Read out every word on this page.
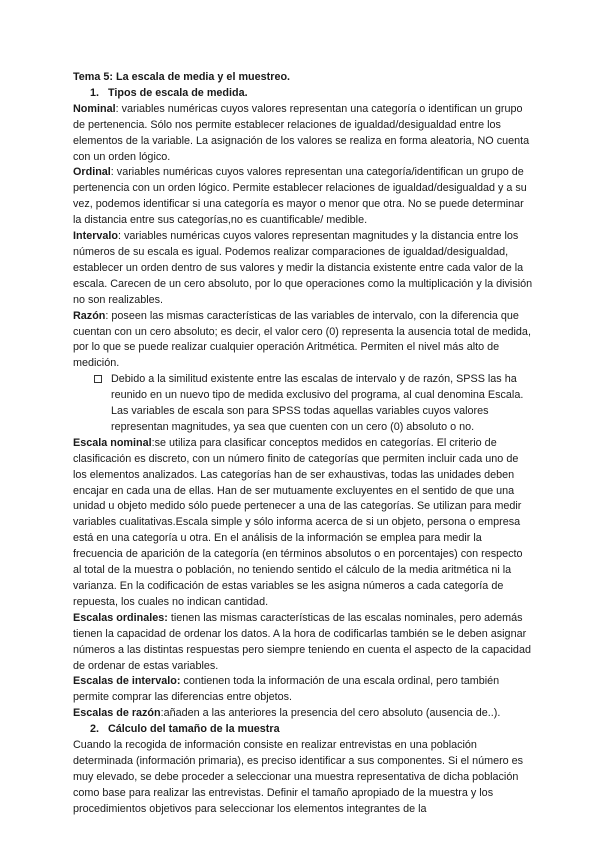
Tema 5: La escala de media y el muestreo.

1. Tipos de escala de medida.

Nominal: variables numéricas cuyos valores representan una categoría o identifican un grupo de pertenencia. Sólo nos permite establecer relaciones de igualdad/desigualdad entre los elementos de la variable. La asignación de los valores se realiza en forma aleatoria, NO cuenta con un orden lógico.

Ordinal: variables numéricas cuyos valores representan una categoría/identifican un grupo de pertenencia con un orden lógico. Permite establecer relaciones de igualdad/desigualdad y a su vez, podemos identificar si una categoría es mayor o menor que otra. No se puede determinar la distancia entre sus categorías,no es cuantificable/ medible.

Intervalo: variables numéricas cuyos valores representan magnitudes y la distancia entre los números de su escala es igual. Podemos realizar comparaciones de igualdad/desigualdad, establecer un orden dentro de sus valores y medir la distancia existente entre cada valor de la escala. Carecen de un cero absoluto, por lo que operaciones como la multiplicación y la división no son realizables.

Razón: poseen las mismas características de las variables de intervalo, con la diferencia que cuentan con un cero absoluto; es decir, el valor cero (0) representa la ausencia total de medida, por lo que se puede realizar cualquier operación Aritmética. Permiten el nivel más alto de medición.

Debido a la similitud existente entre las escalas de intervalo y de razón, SPSS las ha reunido en un nuevo tipo de medida exclusivo del programa, al cual denomina Escala. Las variables de escala son para SPSS todas aquellas variables cuyos valores representan magnitudes, ya sea que cuenten con un cero (0) absoluto o no.

Escala nominal:se utiliza para clasificar conceptos medidos en categorías. El criterio de clasificación es discreto, con un número finito de categorías que permiten incluir cada uno de los elementos analizados. Las categorías han de ser exhaustivas, todas las unidades deben encajar en cada una de ellas. Han de ser mutuamente excluyentes en el sentido de que una unidad u objeto medido sólo puede pertenecer a una de las categorías. Se utilizan para medir variables cualitativas.Escala simple y sólo informa acerca de si un objeto, persona o empresa está en una categoría u otra. En el análisis de la información se emplea para medir la frecuencia de aparición de la categoría (en términos absolutos o en porcentajes) con respecto al total de la muestra o población, no teniendo sentido el cálculo de la media aritmética ni la varianza. En la codificación de estas variables se les asigna números a cada categoría de repuesta, los cuales no indican cantidad.

Escalas ordinales: tienen las mismas características de las escalas nominales, pero además tienen la capacidad de ordenar los datos. A la hora de codificarlas también se le deben asignar números a las distintas respuestas pero siempre teniendo en cuenta el aspecto de la capacidad de ordenar de estas variables.

Escalas de intervalo: contienen toda la información de una escala ordinal, pero también permite comprar las diferencias entre objetos.

Escalas de razón:añaden a las anteriores la presencia del cero absoluto (ausencia de..).

2. Cálculo del tamaño de la muestra

Cuando la recogida de información consiste en realizar entrevistas en una población determinada (información primaria), es preciso identificar a sus componentes. Si el número es muy elevado, se debe proceder a seleccionar una muestra representativa de dicha población como base para realizar las entrevistas. Definir el tamaño apropiado de la muestra y los procedimientos objetivos para seleccionar los elementos integrantes de la
